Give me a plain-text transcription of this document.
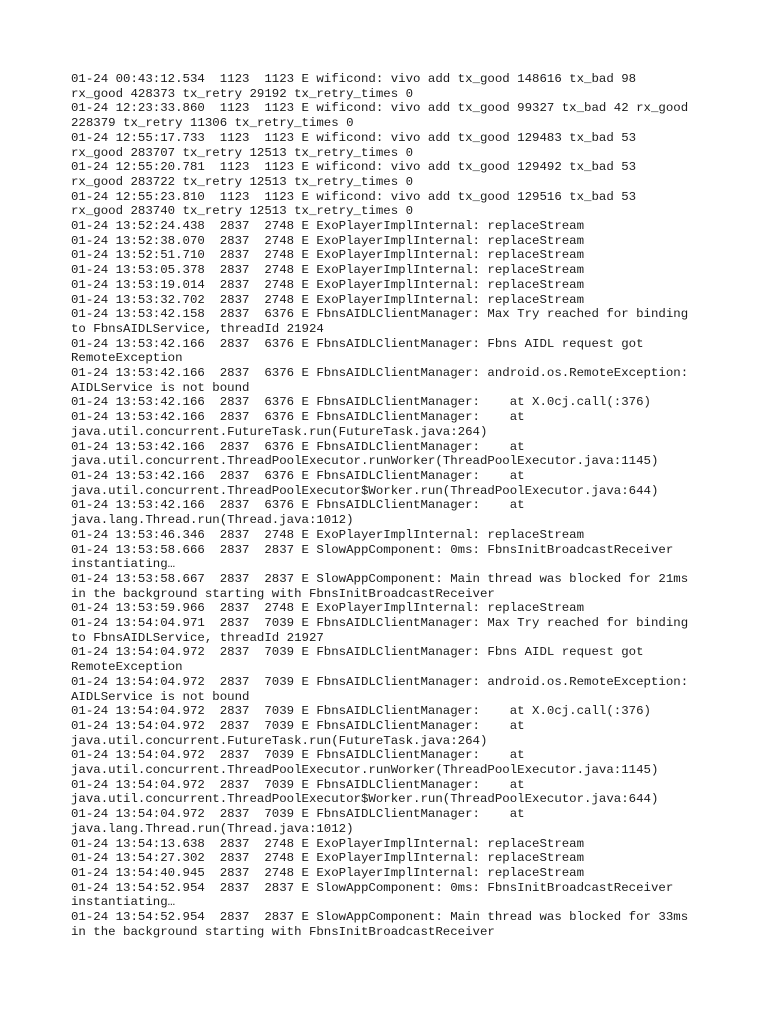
01-24 00:43:12.534  1123  1123 E wificond: vivo add tx_good 148616 tx_bad 98
rx_good 428373 tx_retry 29192 tx_retry_times 0
01-24 12:23:33.860  1123  1123 E wificond: vivo add tx_good 99327 tx_bad 42 rx_good
228379 tx_retry 11306 tx_retry_times 0
01-24 12:55:17.733  1123  1123 E wificond: vivo add tx_good 129483 tx_bad 53
rx_good 283707 tx_retry 12513 tx_retry_times 0
01-24 12:55:20.781  1123  1123 E wificond: vivo add tx_good 129492 tx_bad 53
rx_good 283722 tx_retry 12513 tx_retry_times 0
01-24 12:55:23.810  1123  1123 E wificond: vivo add tx_good 129516 tx_bad 53
rx_good 283740 tx_retry 12513 tx_retry_times 0
01-24 13:52:24.438  2837  2748 E ExoPlayerImplInternal: replaceStream
01-24 13:52:38.070  2837  2748 E ExoPlayerImplInternal: replaceStream
01-24 13:52:51.710  2837  2748 E ExoPlayerImplInternal: replaceStream
01-24 13:53:05.378  2837  2748 E ExoPlayerImplInternal: replaceStream
01-24 13:53:19.014  2837  2748 E ExoPlayerImplInternal: replaceStream
01-24 13:53:32.702  2837  2748 E ExoPlayerImplInternal: replaceStream
01-24 13:53:42.158  2837  6376 E FbnsAIDLClientManager: Max Try reached for binding
to FbnsAIDLService, threadId 21924
01-24 13:53:42.166  2837  6376 E FbnsAIDLClientManager: Fbns AIDL request got
RemoteException
01-24 13:53:42.166  2837  6376 E FbnsAIDLClientManager: android.os.RemoteException:
AIDLService is not bound
01-24 13:53:42.166  2837  6376 E FbnsAIDLClientManager:    at X.0cj.call(:376)
01-24 13:53:42.166  2837  6376 E FbnsAIDLClientManager:    at
java.util.concurrent.FutureTask.run(FutureTask.java:264)
01-24 13:53:42.166  2837  6376 E FbnsAIDLClientManager:    at
java.util.concurrent.ThreadPoolExecutor.runWorker(ThreadPoolExecutor.java:1145)
01-24 13:53:42.166  2837  6376 E FbnsAIDLClientManager:    at
java.util.concurrent.ThreadPoolExecutor$Worker.run(ThreadPoolExecutor.java:644)
01-24 13:53:42.166  2837  6376 E FbnsAIDLClientManager:    at
java.lang.Thread.run(Thread.java:1012)
01-24 13:53:46.346  2837  2748 E ExoPlayerImplInternal: replaceStream
01-24 13:53:58.666  2837  2837 E SlowAppComponent: 0ms: FbnsInitBroadcastReceiver
instantiating…
01-24 13:53:58.667  2837  2837 E SlowAppComponent: Main thread was blocked for 21ms
in the background starting with FbnsInitBroadcastReceiver
01-24 13:53:59.966  2837  2748 E ExoPlayerImplInternal: replaceStream
01-24 13:54:04.971  2837  7039 E FbnsAIDLClientManager: Max Try reached for binding
to FbnsAIDLService, threadId 21927
01-24 13:54:04.972  2837  7039 E FbnsAIDLClientManager: Fbns AIDL request got
RemoteException
01-24 13:54:04.972  2837  7039 E FbnsAIDLClientManager: android.os.RemoteException:
AIDLService is not bound
01-24 13:54:04.972  2837  7039 E FbnsAIDLClientManager:    at X.0cj.call(:376)
01-24 13:54:04.972  2837  7039 E FbnsAIDLClientManager:    at
java.util.concurrent.FutureTask.run(FutureTask.java:264)
01-24 13:54:04.972  2837  7039 E FbnsAIDLClientManager:    at
java.util.concurrent.ThreadPoolExecutor.runWorker(ThreadPoolExecutor.java:1145)
01-24 13:54:04.972  2837  7039 E FbnsAIDLClientManager:    at
java.util.concurrent.ThreadPoolExecutor$Worker.run(ThreadPoolExecutor.java:644)
01-24 13:54:04.972  2837  7039 E FbnsAIDLClientManager:    at
java.lang.Thread.run(Thread.java:1012)
01-24 13:54:13.638  2837  2748 E ExoPlayerImplInternal: replaceStream
01-24 13:54:27.302  2837  2748 E ExoPlayerImplInternal: replaceStream
01-24 13:54:40.945  2837  2748 E ExoPlayerImplInternal: replaceStream
01-24 13:54:52.954  2837  2837 E SlowAppComponent: 0ms: FbnsInitBroadcastReceiver
instantiating…
01-24 13:54:52.954  2837  2837 E SlowAppComponent: Main thread was blocked for 33ms
in the background starting with FbnsInitBroadcastReceiver
